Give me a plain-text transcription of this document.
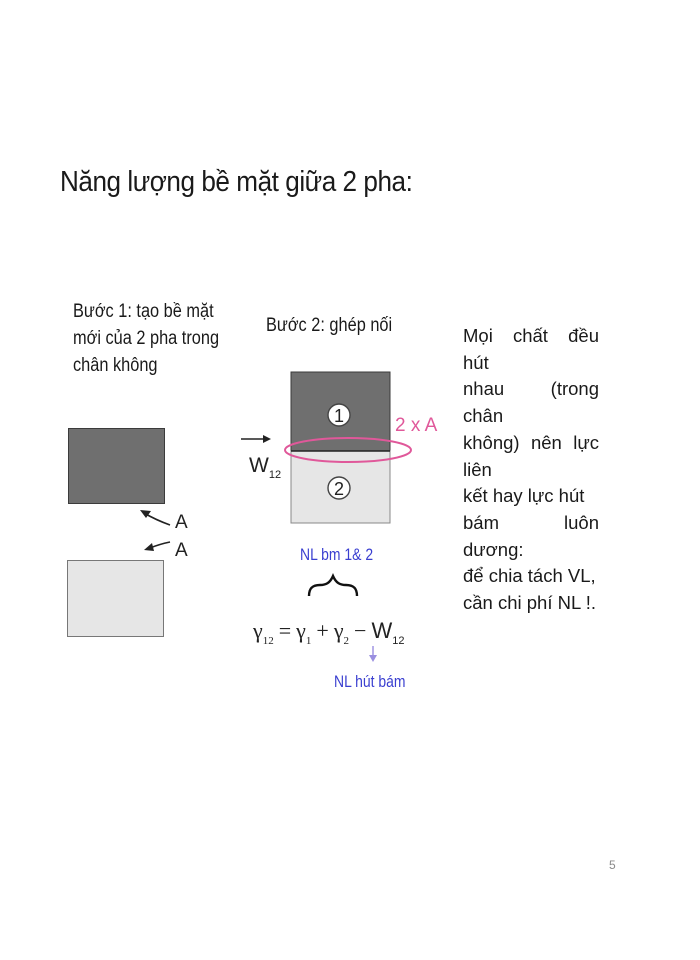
Năng lượng bề mặt giữa 2 pha:
Bước 1: tạo bề mặt
mới của 2 pha trong
chân không
A
A
Bước 2: ghép nối
1
2
2 x A
$W_{12}$
NL bm 1& 2
$\gamma_{12} = \gamma_1 + \gamma_2 - W_{12}$
NL hút bám
Mọi chất đều hút
nhau (trong chân
không) nên lực liên
kết hay lực hút
bám luôn dương:
để chia tách VL,
cần chi phí NL !.
5
